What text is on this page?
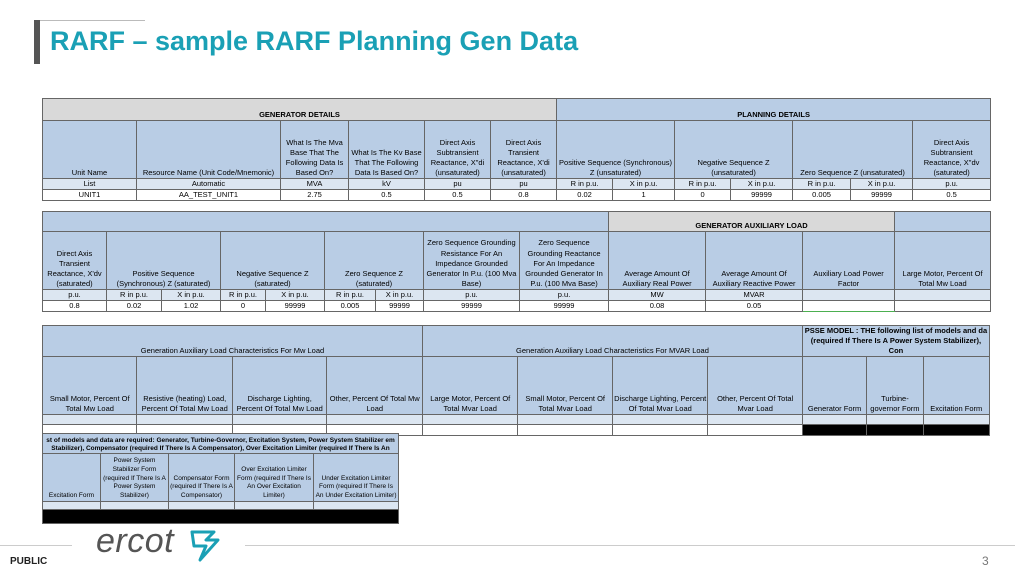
RARF – sample RARF Planning Gen Data
GENERATOR DETAILS						PLANNING DETAILS						
Unit Name	Resource Name (Unit Code/Mnemonic)	What Is The Mva Base That The Following Data Is Based On?	What Is The Kv Base That The Following Data Is Based On?	Direct Axis Subtransient Reactance, X"di (unsaturated)	Direct Axis Transient Reactance, X'di (unsaturated)	Positive Sequence (Synchronous) Z (unsaturated)		Negative Sequence Z (unsaturated)		Zero Sequence Z (unsaturated)		Direct Axis Subtransient Reactance, X"dv (saturated)
List	Automatic	MVA	kV	pu	pu	R in p.u.	X in p.u.	R in p.u.	X in p.u.	R in p.u.	X in p.u.	p.u.
UNIT1	AA_TEST_UNIT1	2.75	0.5	0.5	0.8	0.02	1	0	99999	0.005	99999	0.5
									GENERATOR AUXILIARY LOAD			
Direct Axis Transient Reactance, X'dv (saturated)	Positive Sequence (Synchronous) Z (saturated)		Negative Sequence Z (saturated)		Zero Sequence Z (saturated)		Zero Sequence Grounding Resistance For An Impedance Grounded Generator In P.u. (100 Mva Base)	Zero Sequence Grounding Reactance For An Impedance Grounded Generator In P.u. (100 Mva Base)	Average Amount Of Auxiliary Real Power	Average Amount Of Auxiliary Reactive Power	Auxiliary Load Power Factor	Large Motor, Percent Of Total Mw Load
p.u.	R in p.u.	X in p.u.	R in p.u.	X in p.u.	R in p.u.	X in p.u.	p.u.	p.u.	MW	MVAR		
0.8	0.02	1.02	0	99999	0.005	99999	99999	99999	0.08	0.05		
Generation Auxiliary Load Characteristics For Mw Load				Generation Auxiliary Load Characteristics For MVAR Load				PSSE MODEL : THE following list of models and da (required If There Is A Power System Stabilizer), Con		
Small Motor, Percent Of Total Mw Load	Resistive (heating) Load, Percent Of Total Mw Load	Discharge Lighting, Percent Of Total Mw Load	Other, Percent Of Total Mw Load	Large Motor, Percent Of Total Mvar Load	Small Motor, Percent Of Total Mvar Load	Discharge Lighting, Percent Of Total Mvar Load	Other, Percent Of Total Mvar Load	Generator Form	Turbine-governor Form	Excitation Form

st of models and data are required: Generator, Turbine-Governor, Excitation System, Power System Stabilizer em Stabilizer), Compensator (required If There Is A Compensator), Over Excitation Limiter (required If There Is An				
Excitation Form	Power System Stabilizer Form (required If There Is A Power System Stabilizer)	Compensator Form (required If There Is A Compensator)	Over Excitation Limiter Form (required If There Is An Over Excitation Limiter)	Under Excitation Limiter Form (required If There Is An Under Excitation Limiter)

ercot
PUBLIC	3
